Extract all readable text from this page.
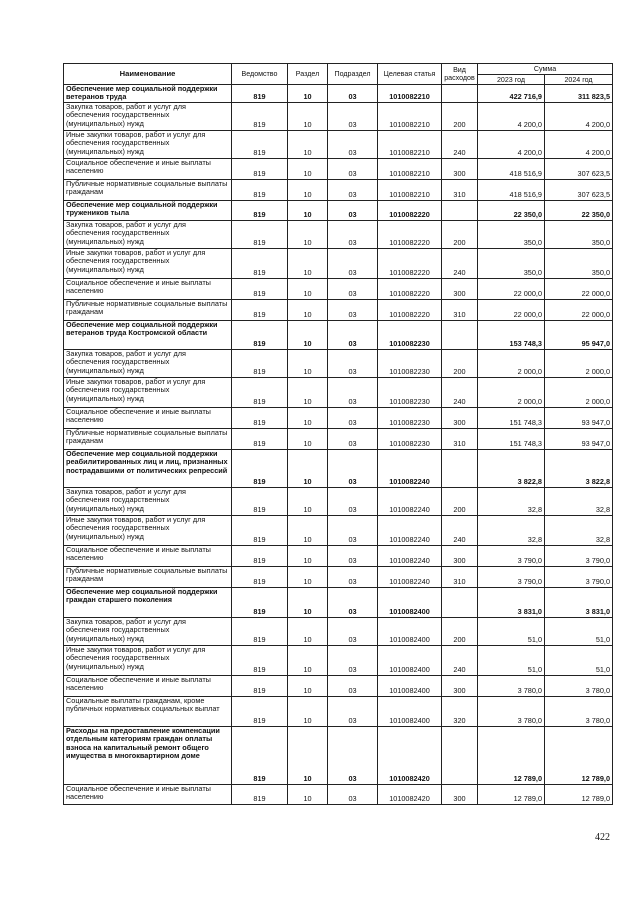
Наименование	Ведомство	Раздел	Подраздел	Целевая статья	Вид расходов	Сумма	
						2023 год	2024 год
Обеспечение мер социальной поддержки ветеранов труда	819	10	03	1010082210		422 716,9	311 823,5
Закупка товаров, работ и услуг для обеспечения государственных (муниципальных) нужд	819	10	03	1010082210	200	4 200,0	4 200,0
Иные закупки товаров, работ и услуг для обеспечения государственных (муниципальных) нужд	819	10	03	1010082210	240	4 200,0	4 200,0
Социальное обеспечение и иные выплаты населению	819	10	03	1010082210	300	418 516,9	307 623,5
Публичные нормативные социальные выплаты гражданам	819	10	03	1010082210	310	418 516,9	307 623,5
Обеспечение мер социальной поддержки тружеников тыла	819	10	03	1010082220		22 350,0	22 350,0
Закупка товаров, работ и услуг для обеспечения государственных (муниципальных) нужд	819	10	03	1010082220	200	350,0	350,0
Иные закупки товаров, работ и услуг для обеспечения государственных (муниципальных) нужд	819	10	03	1010082220	240	350,0	350,0
Социальное обеспечение и иные выплаты населению	819	10	03	1010082220	300	22 000,0	22 000,0
Публичные нормативные социальные выплаты гражданам	819	10	03	1010082220	310	22 000,0	22 000,0
Обеспечение мер социальной поддержки ветеранов труда Костромской области	819	10	03	1010082230		153 748,3	95 947,0
Закупка товаров, работ и услуг для обеспечения государственных (муниципальных) нужд	819	10	03	1010082230	200	2 000,0	2 000,0
Иные закупки товаров, работ и услуг для обеспечения государственных (муниципальных) нужд	819	10	03	1010082230	240	2 000,0	2 000,0
Социальное обеспечение и иные выплаты населению	819	10	03	1010082230	300	151 748,3	93 947,0
Публичные нормативные социальные выплаты гражданам	819	10	03	1010082230	310	151 748,3	93 947,0
Обеспечение мер социальной поддержки реабилитированных лиц и лиц, признанных пострадавшими от политических репрессий	819	10	03	1010082240		3 822,8	3 822,8
Закупка товаров, работ и услуг для обеспечения государственных (муниципальных) нужд	819	10	03	1010082240	200	32,8	32,8
Иные закупки товаров, работ и услуг для обеспечения государственных (муниципальных) нужд	819	10	03	1010082240	240	32,8	32,8
Социальное обеспечение и иные выплаты населению	819	10	03	1010082240	300	3 790,0	3 790,0
Публичные нормативные социальные выплаты гражданам	819	10	03	1010082240	310	3 790,0	3 790,0
Обеспечение мер социальной поддержки граждан старшего поколения	819	10	03	1010082400		3 831,0	3 831,0
Закупка товаров, работ и услуг для обеспечения государственных (муниципальных) нужд	819	10	03	1010082400	200	51,0	51,0
Иные закупки товаров, работ и услуг для обеспечения государственных (муниципальных) нужд	819	10	03	1010082400	240	51,0	51,0
Социальное обеспечение и иные выплаты населению	819	10	03	1010082400	300	3 780,0	3 780,0
Социальные выплаты гражданам, кроме публичных нормативных социальных выплат	819	10	03	1010082400	320	3 780,0	3 780,0
Расходы на предоставление компенсации отдельным категориям граждан оплаты взноса на капитальный ремонт общего имущества в многоквартирном доме	819	10	03	1010082420		12 789,0	12 789,0
Социальное обеспечение и иные выплаты населению	819	10	03	1010082420	300	12 789,0	12 789,0
422
